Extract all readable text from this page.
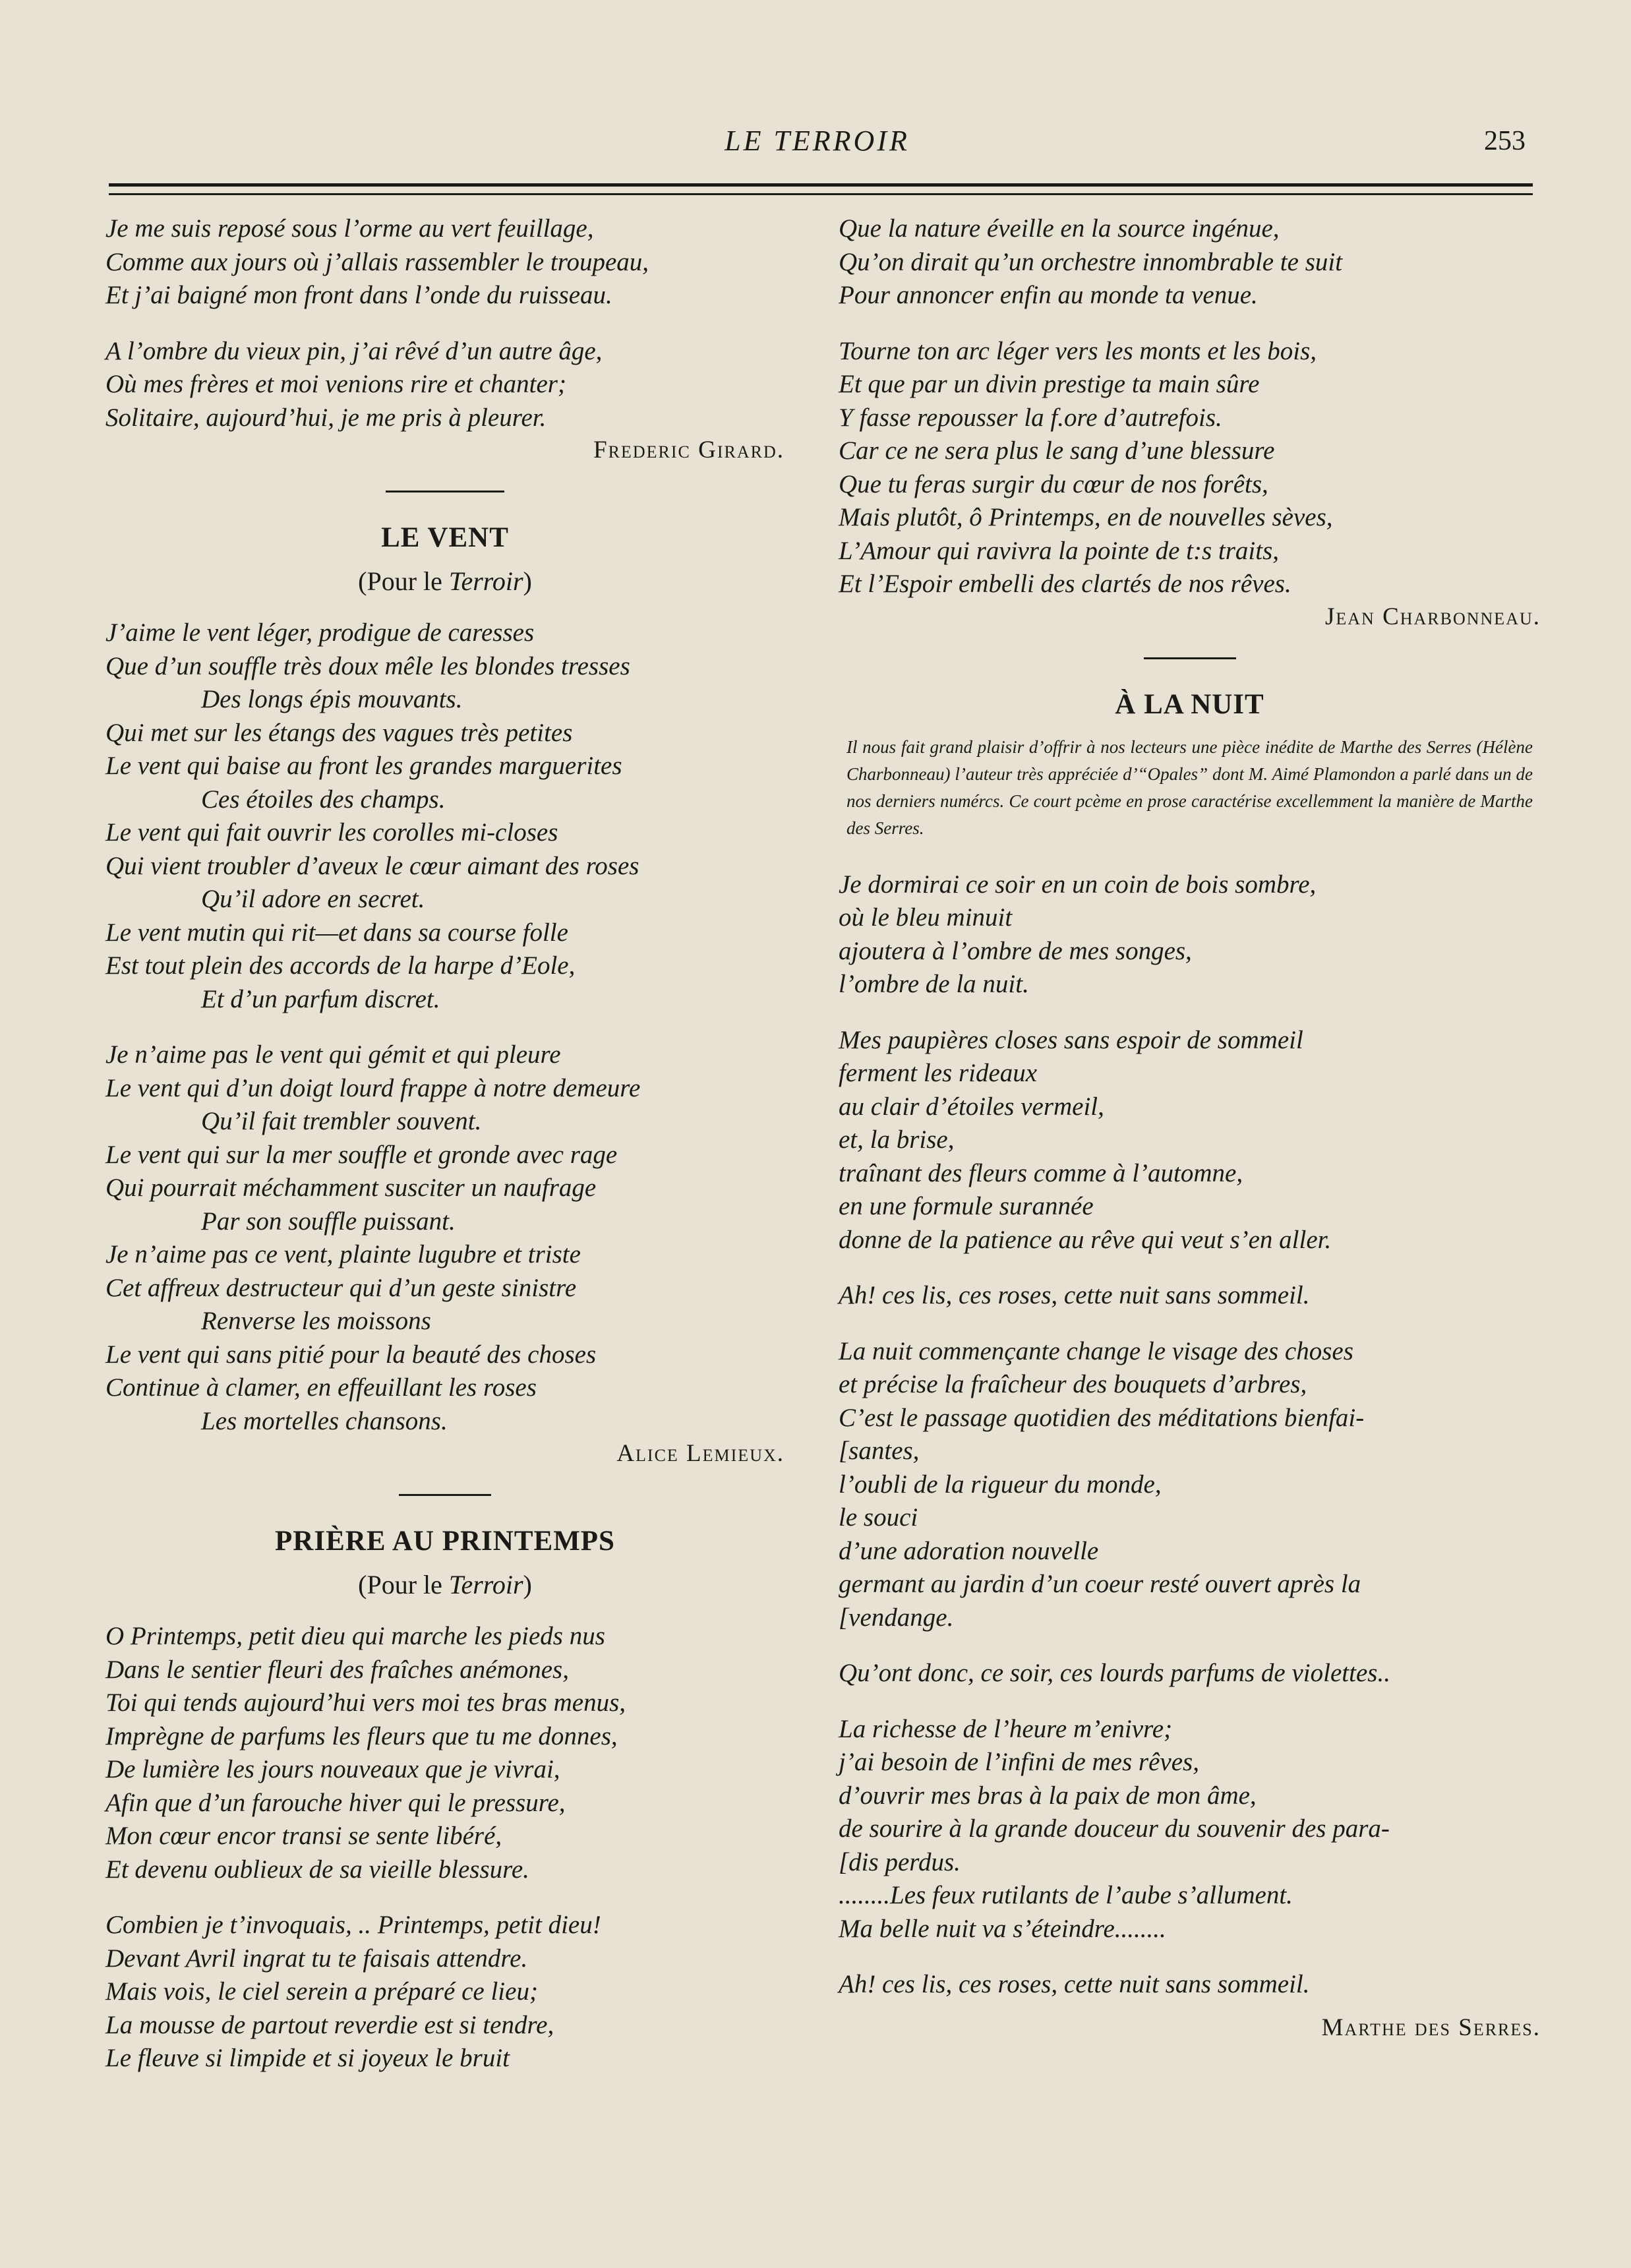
LE TERROIR	253
Je me suis reposé sous l’orme au vert feuillage,
Comme aux jours où j’allais rassembler le troupeau,
Et j’ai baigné mon front dans l’onde du ruisseau.
A l’ombre du vieux pin, j’ai rêvé d’un autre âge,
Où mes frères et moi venions rire et chanter;
Solitaire, aujourd’hui, je me pris à pleurer.
Frederic Girard.
LE VENT
(Pour le Terroir)
J’aime le vent léger, prodigue de caresses
Que d’un souffle très doux mêle les blondes tresses
Des longs épis mouvants.
Qui met sur les étangs des vagues très petites
Le vent qui baise au front les grandes marguerites
Ces étoiles des champs.
Le vent qui fait ouvrir les corolles mi-closes
Qui vient troubler d’aveux le cœur aimant des roses
Qu’il adore en secret.
Le vent mutin qui rit—et dans sa course folle
Est tout plein des accords de la harpe d’Eole,
Et d’un parfum discret.
Je n’aime pas le vent qui gémit et qui pleure
Le vent qui d’un doigt lourd frappe à notre demeure
Qu’il fait trembler souvent.
Le vent qui sur la mer souffle et gronde avec rage
Qui pourrait méchamment susciter un naufrage
Par son souffle puissant.
Je n’aime pas ce vent, plainte lugubre et triste
Cet affreux destructeur qui d’un geste sinistre
Renverse les moissons
Le vent qui sans pitié pour la beauté des choses
Continue à clamer, en effeuillant les roses
Les mortelles chansons.
Alice Lemieux.
PRIÈRE AU PRINTEMPS
(Pour le Terroir)
O Printemps, petit dieu qui marche les pieds nus
Dans le sentier fleuri des fraîches anémones,
Toi qui tends aujourd’hui vers moi tes bras menus,
Imprègne de parfums les fleurs que tu me donnes,
De lumière les jours nouveaux que je vivrai,
Afin que d’un farouche hiver qui le pressure,
Mon cœur encor transi se sente libéré,
Et devenu oublieux de sa vieille blessure.
Combien je t’invoquais, .. Printemps, petit dieu!
Devant Avril ingrat tu te faisais attendre.
Mais vois, le ciel serein a préparé ce lieu;
La mousse de partout reverdie est si tendre,
Le fleuve si limpide et si joyeux le bruit
Que la nature éveille en la source ingénue,
Qu’on dirait qu’un orchestre innombrable te suit
Pour annoncer enfin au monde ta venue.
Tourne ton arc léger vers les monts et les bois,
Et que par un divin prestige ta main sûre
Y fasse repousser la f.ore d’autrefois.
Car ce ne sera plus le sang d’une blessure
Que tu feras surgir du cœur de nos forêts,
Mais plutôt, ô Printemps, en de nouvelles sèves,
L’Amour qui ravivra la pointe de t:s traits,
Et l’Espoir embelli des clartés de nos rêves.
Jean Charbonneau.
À LA NUIT
Il nous fait grand plaisir d’offrir à nos lecteurs une pièce inédite de Marthe des Serres (Hélène Charbonneau) l’auteur très appréciée d’“Opales” dont M. Aimé Plamondon a parlé dans un de nos derniers numércs. Ce court pcème en prose caractérise excellemment la manière de Marthe des Serres.
Je dormirai ce soir en un coin de bois sombre,
où le bleu minuit
ajoutera à l’ombre de mes songes,
l’ombre de la nuit.
Mes paupières closes sans espoir de sommeil
ferment les rideaux
au clair d’étoiles vermeil,
et, la brise,
traînant des fleurs comme à l’automne,
en une formule surannée
donne de la patience au rêve qui veut s’en aller.
Ah! ces lis, ces roses, cette nuit sans sommeil.
La nuit commençante change le visage des choses
et précise la fraîcheur des bouquets d’arbres,
C’est le passage quotidien des méditations bienfai-
[santes,
l’oubli de la rigueur du monde,
le souci
d’une adoration nouvelle
germant au jardin d’un coeur resté ouvert après la
[vendange.
Qu’ont donc, ce soir, ces lourds parfums de violettes..
La richesse de l’heure m’enivre;
j’ai besoin de l’infini de mes rêves,
d’ouvrir mes bras à la paix de mon âme,
de sourire à la grande douceur du souvenir des para-
[dis perdus.
........Les feux rutilants de l’aube s’allument.
Ma belle nuit va s’éteindre........
Ah! ces lis, ces roses, cette nuit sans sommeil.
Marthe des Serres.
